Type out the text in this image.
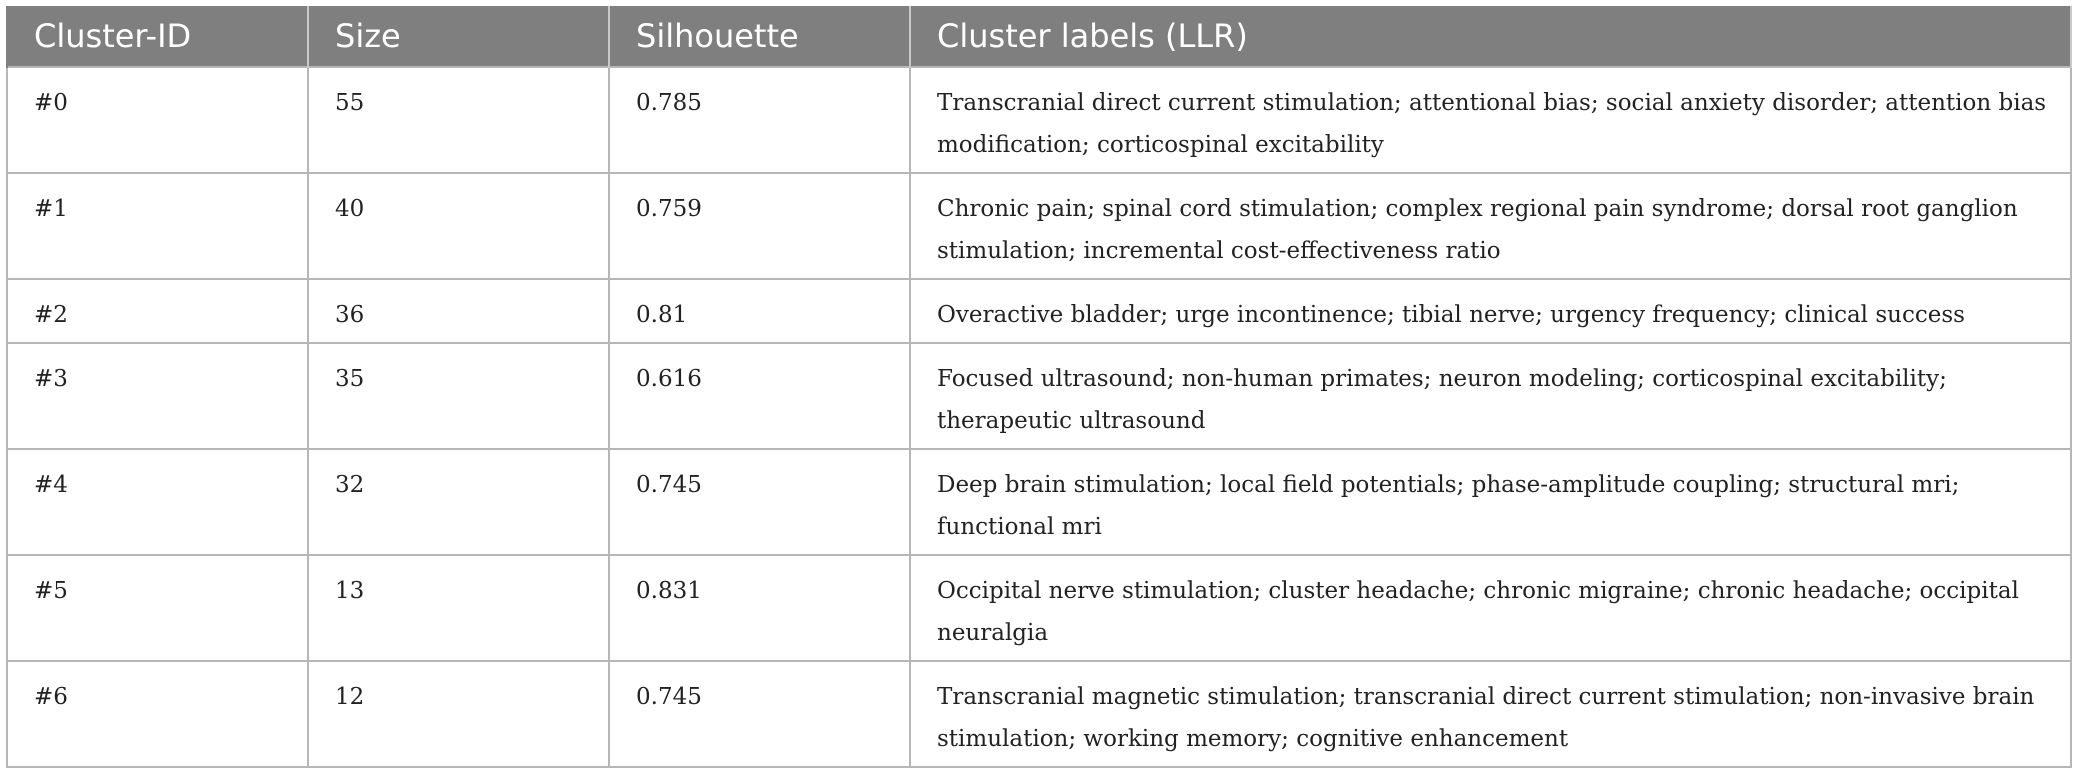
Cluster-ID	Size	Silhouette	Cluster labels (LLR)
#0	55	0.785	Transcranial direct current stimulation; attentional bias; social anxiety disorder; attention bias modification; corticospinal excitability
#1	40	0.759	Chronic pain; spinal cord stimulation; complex regional pain syndrome; dorsal root ganglion stimulation; incremental cost-effectiveness ratio
#2	36	0.81	Overactive bladder; urge incontinence; tibial nerve; urgency frequency; clinical success
#3	35	0.616	Focused ultrasound; non-human primates; neuron modeling; corticospinal excitability; therapeutic ultrasound
#4	32	0.745	Deep brain stimulation; local field potentials; phase-amplitude coupling; structural mri; functional mri
#5	13	0.831	Occipital nerve stimulation; cluster headache; chronic migraine; chronic headache; occipital neuralgia
#6	12	0.745	Transcranial magnetic stimulation; transcranial direct current stimulation; non-invasive brain stimulation; working memory; cognitive enhancement
